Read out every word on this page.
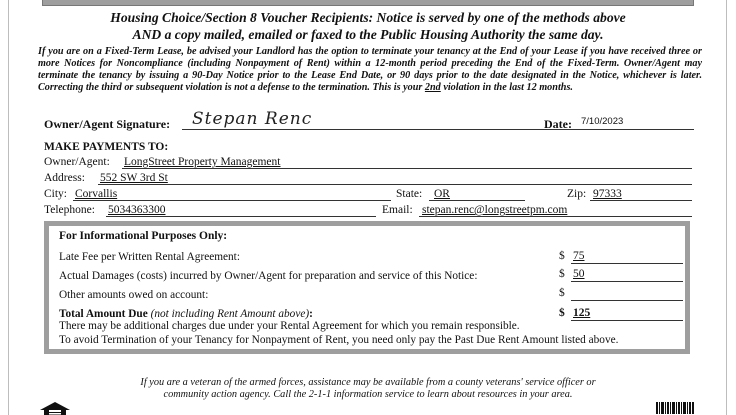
Housing Choice/Section 8 Voucher Recipients: Notice is served by one of the methods above
AND a copy mailed, emailed or faxed to the Public Housing Authority the same day.
If you are on a Fixed-Term Lease, be advised your Landlord has the option to terminate your tenancy at the End of your Lease if you have received three or more Notices for Noncompliance (including Nonpayment of Rent) within a 12-month period preceding the End of the Fixed-Term. Owner/Agent may terminate the tenancy by issuing a 90-Day Notice prior to the Lease End Date, or 90 days prior to the date designated in the Notice, whichever is later. Correcting the third or subsequent violation is not a defense to the termination. This is your 2nd violation in the last 12 months.
Owner/Agent Signature: Stepan Renc	Date: 7/10/2023
MAKE PAYMENTS TO:
Owner/Agent: LongStreet Property Management
Address: 552 SW 3rd St
City: Corvallis	State: OR	Zip: 97333
Telephone: 5034363300	Email: stepan.renc@longstreetpm.com
For Informational Purposes Only:
Late Fee per Written Rental Agreement:	$ 75
Actual Damages (costs) incurred by Owner/Agent for preparation and service of this Notice:	$ 50
Other amounts owed on account:	$
Total Amount Due (not including Rent Amount above):	$ 125
There may be additional charges due under your Rental Agreement for which you remain responsible.
To avoid Termination of your Tenancy for Nonpayment of Rent, you need only pay the Past Due Rent Amount listed above.
If you are a veteran of the armed forces, assistance may be available from a county veterans' service officer or
community action agency. Call the 2-1-1 information service to learn about resources in your area.
